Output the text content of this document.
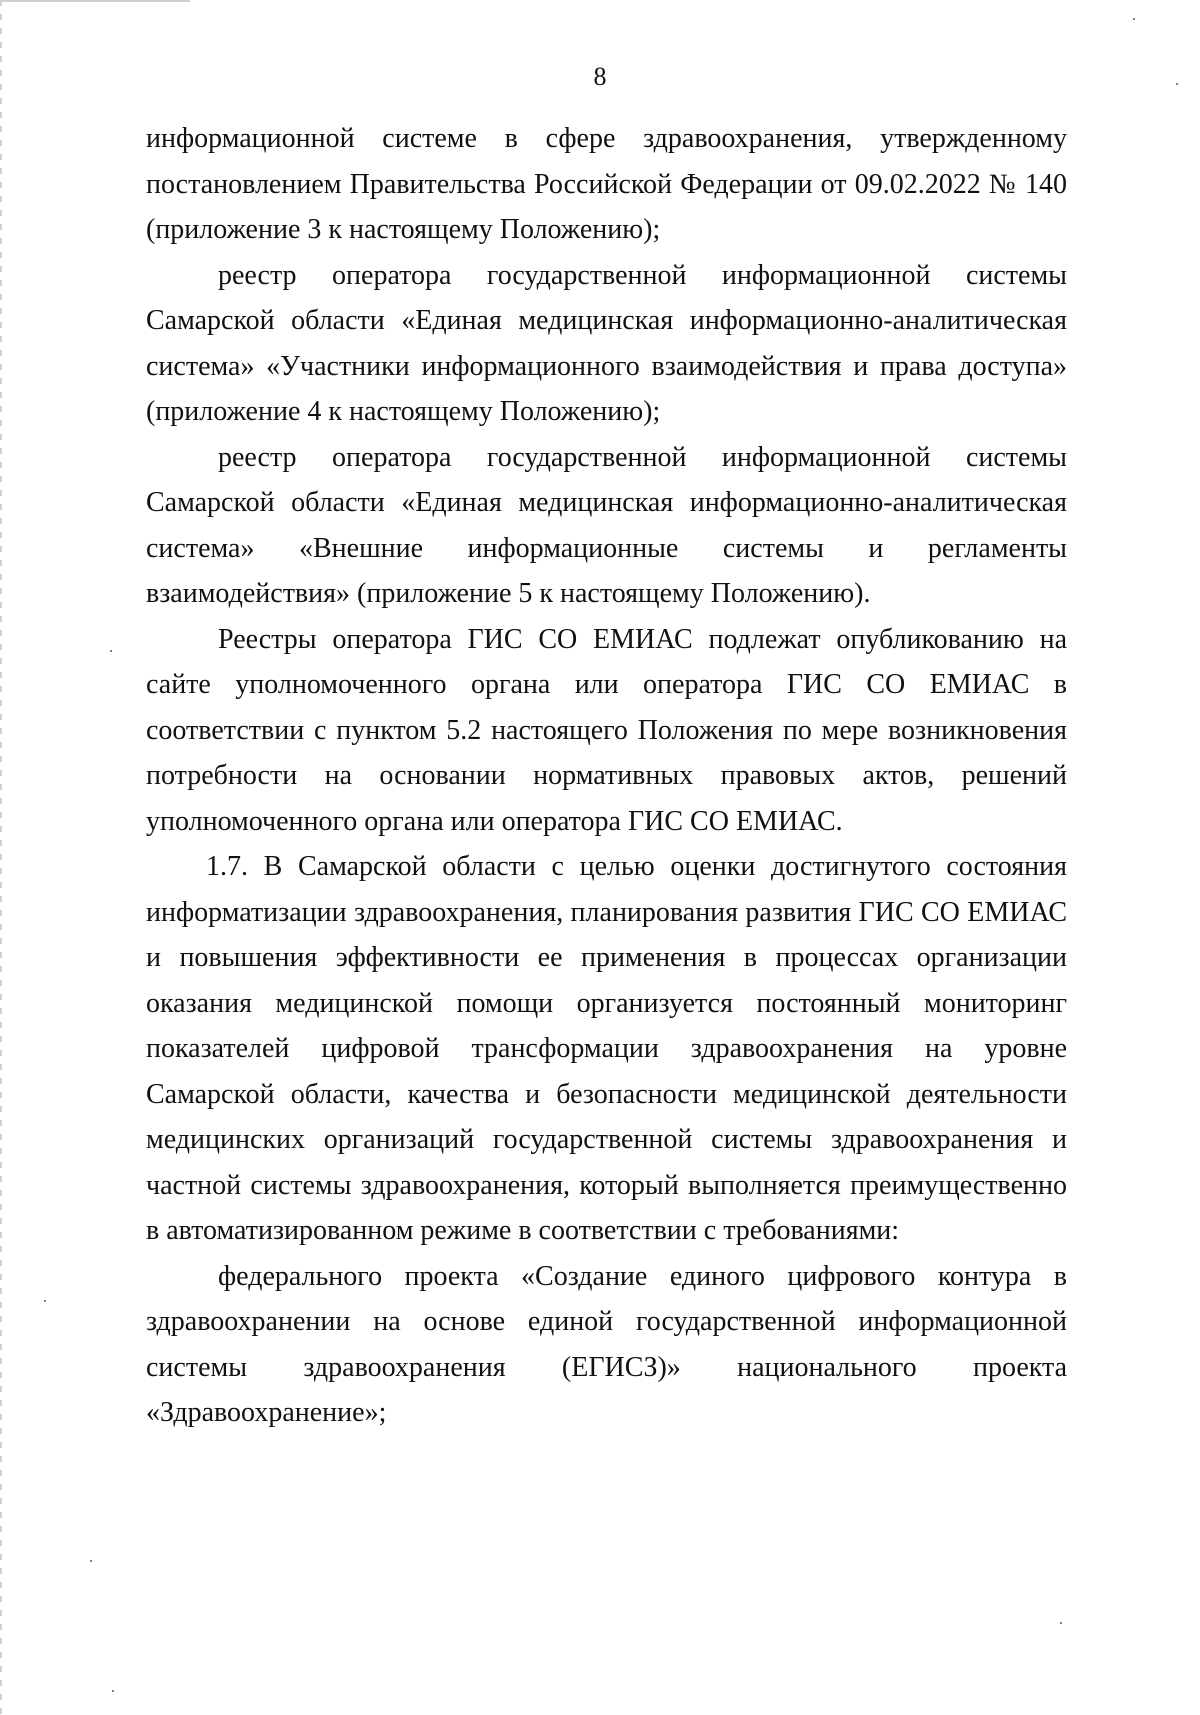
8

информационной системе в сфере здравоохранения, утвержденному постановлением Правительства Российской Федерации от 09.02.2022 № 140 (приложение 3 к настоящему Положению);

реестр оператора государственной информационной системы Самарской области «Единая медицинская информационно-аналитическая система» «Участники информационного взаимодействия и права доступа» (приложение 4 к настоящему Положению);

реестр оператора государственной информационной системы Самарской области «Единая медицинская информационно-аналитическая система» «Внешние информационные системы и регламенты взаимодействия» (приложение 5 к настоящему Положению).

Реестры оператора ГИС СО ЕМИАС подлежат опубликованию на сайте уполномоченного органа или оператора ГИС СО ЕМИАС в соответствии с пунктом 5.2 настоящего Положения по мере возникновения потребности на основании нормативных правовых актов, решений уполномоченного органа или оператора ГИС СО ЕМИАС.

1.7. В Самарской области с целью оценки достигнутого состояния информатизации здравоохранения, планирования развития ГИС СО ЕМИАС и повышения эффективности ее применения в процессах организации оказания медицинской помощи организуется постоянный мониторинг показателей цифровой трансформации здравоохранения на уровне Самарской области, качества и безопасности медицинской деятельности медицинских организаций государственной системы здравоохранения и частной системы здравоохранения, который выполняется преимущественно в автоматизированном режиме в соответствии с требованиями:

федерального проекта «Создание единого цифрового контура в здравоохранении на основе единой государственной информационной системы здравоохранения (ЕГИСЗ)» национального проекта «Здравоохранение»;
